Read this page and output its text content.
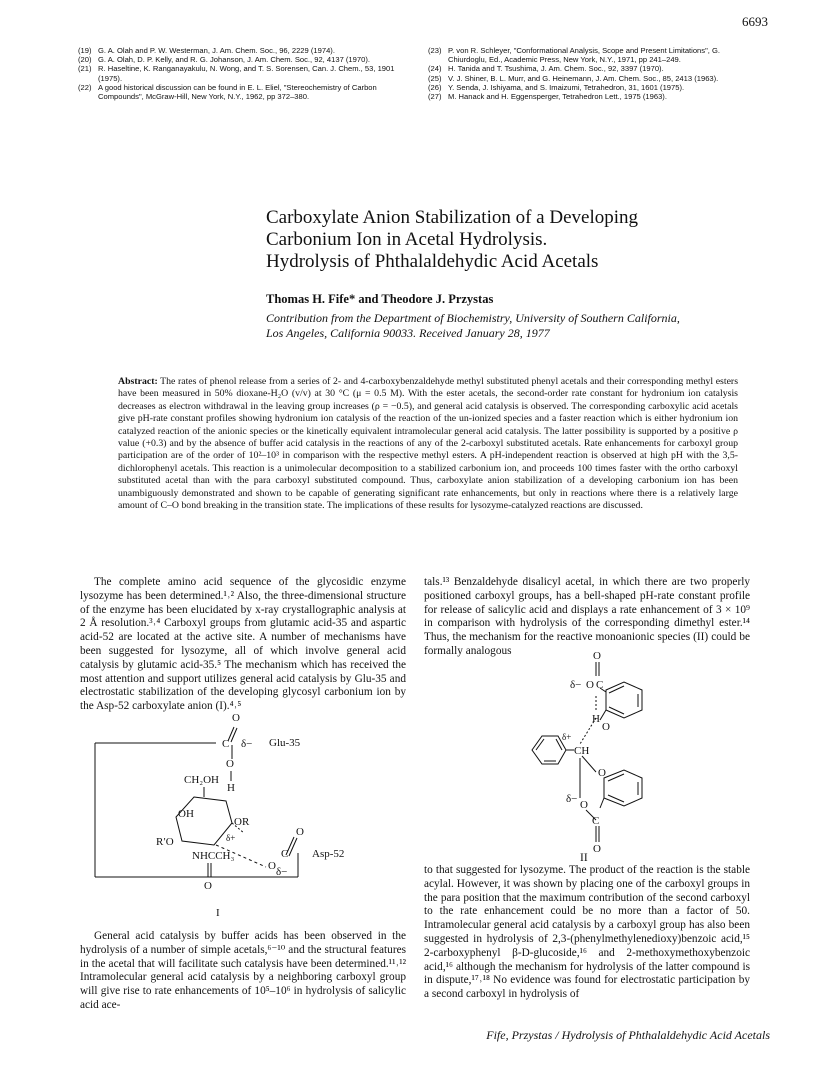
6693
(19) G. A. Olah and P. W. Westerman, J. Am. Chem. Soc., 96, 2229 (1974).
(20) G. A. Olah, D. P. Kelly, and R. G. Johanson, J. Am. Chem. Soc., 92, 4137 (1970).
(21) R. Haseltine, K. Ranganayakulu, N. Wong, and T. S. Sorensen, Can. J. Chem., 53, 1901 (1975).
(22) A good historical discussion can be found in E. L. Eliel, "Stereochemistry of Carbon Compounds", McGraw-Hill, New York, N.Y., 1962, pp 372–380.
(23) P. von R. Schleyer, "Conformational Analysis, Scope and Present Limitations", G. Chiurdoglu, Ed., Academic Press, New York, N.Y., 1971, pp 241–249.
(24) H. Tanida and T. Tsushima, J. Am. Chem. Soc., 92, 3397 (1970).
(25) V. J. Shiner, B. L. Murr, and G. Heinemann, J. Am. Chem. Soc., 85, 2413 (1963).
(26) Y. Senda, J. Ishiyama, and S. Imaizumi, Tetrahedron, 31, 1601 (1975).
(27) M. Hanack and H. Eggensperger, Tetrahedron Lett., 1975 (1963).
Carboxylate Anion Stabilization of a Developing
Carbonium Ion in Acetal Hydrolysis.
Hydrolysis of Phthalaldehydic Acid Acetals
Thomas H. Fife* and Theodore J. Przystas
Contribution from the Department of Biochemistry, University of Southern California,
Los Angeles, California 90033. Received January 28, 1977
Abstract: The rates of phenol release from a series of 2- and 4-carboxybenzaldehyde methyl substituted phenyl acetals and their corresponding methyl esters have been measured in 50% dioxane-H₂O (v/v) at 30 °C (μ = 0.5 M). With the ester acetals, the second-order rate constant for hydronium ion catalysis decreases as electron withdrawal in the leaving group increases (ρ = −0.5), and general acid catalysis is observed. The corresponding carboxylic acid acetals give pH-rate constant profiles showing hydronium ion catalysis of the reaction of the un-ionized species and a faster reaction which is either hydronium ion catalyzed reaction of the anionic species or the kinetically equivalent intramolecular general acid catalysis. The latter possibility is supported by a positive ρ value (+0.3) and by the absence of buffer acid catalysis in the reactions of any of the 2-carboxyl substituted acetals. Rate enhancements for carboxyl group participation are of the order of 10²–10³ in comparison with the respective methyl esters. A pH-independent reaction is observed at high pH with the 3,5-dichlorophenyl acetals. This reaction is a unimolecular decomposition to a stabilized carbonium ion, and proceeds 100 times faster with the ortho carboxyl substituted acetal than with the para carboxyl substituted compound. Thus, carboxylate anion stabilization of a developing carbonium ion has been unambiguously demonstrated and shown to be capable of generating significant rate enhancements, but only in reactions where there is a relatively large amount of C–O bond breaking in the transition state. The implications of these results for lysozyme-catalyzed reactions are discussed.

The complete amino acid sequence of the glycosidic enzyme lysozyme has been determined.¹˒² Also, the three-dimensional structure of the enzyme has been elucidated by x-ray crystallographic analysis at 2 Å resolution.³˒⁴ Carboxyl groups from glutamic acid-35 and aspartic acid-52 are located at the active site. A number of mechanisms have been suggested for lysozyme, all of which involve general acid catalysis by glutamic acid-35.⁵ The mechanism which has received the most attention and support utilizes general acid catalysis by Glu-35 and electrostatic stabilization of the developing glycosyl carbonium ion by the Asp-52 carboxylate anion (I).⁴˒⁵

O
C δ− Glu-35
O
H
CH₂OH
OH
OR
δ+
R′O
NHCCH₃
O δ−
C
O
Asp-52
O
I

General acid catalysis by buffer acids has been observed in the hydrolysis of a number of simple acetals,⁶⁻¹⁰ and the structural features in the acetal that will facilitate such catalysis have been determined.¹¹˒¹² Intramolecular general acid catalysis by a neighboring carboxyl group will give rise to rate enhancements of 10⁵–10⁶ in hydrolysis of salicylic acid ace-

tals.¹³ Benzaldehyde disalicyl acetal, in which there are two properly positioned carboxyl groups, has a bell-shaped pH-rate constant profile for release of salicylic acid and displays a rate enhancement of 3 × 10⁹ in comparison with hydrolysis of the corresponding dimethyl ester.¹⁴ Thus, the mechanism for the reactive monoanionic species (II) could be formally analogous	O
δ− O C
H
O
δ+
CH
O
δ− O
C
O
II

to that suggested for lysozyme. The product of the reaction is the stable acylal. However, it was shown by placing one of the carboxyl groups in the para position that the maximum contribution of the second carboxyl to the rate enhancement could be no more than a factor of 50. Intramolecular general acid catalysis by a carboxyl group has also been suggested in hydrolysis of 2,3-(phenylmethylenedioxy)benzoic acid,¹⁵ 2-carboxyphenyl β-D-glucoside,¹⁶ and 2-methoxymethoxybenzoic acid,¹⁶ although the mechanism for hydrolysis of the latter compound is in dispute,¹⁷˒¹⁸ No evidence was found for electrostatic participation by a second carboxyl in hydrolysis of

Fife, Przystas / Hydrolysis of Phthalaldehydic Acid Acetals
